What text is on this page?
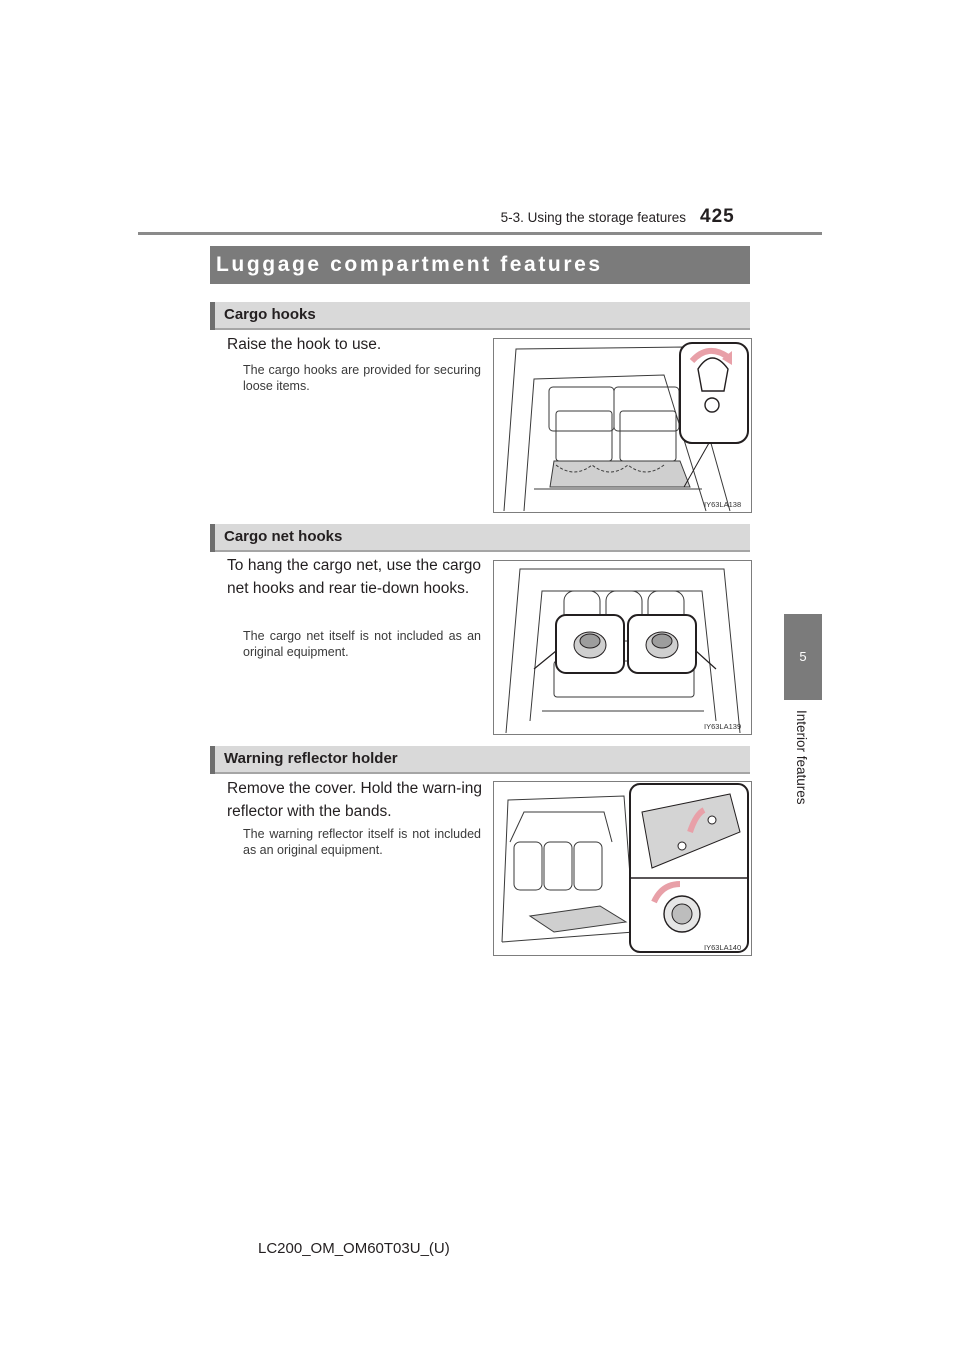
5-3. Using the storage features 425
5
Interior features
Luggage compartment features
Cargo hooks
Raise the hook to use.
The cargo hooks are provided for securing loose items.
IY63LA138
Cargo net hooks
To hang the cargo net, use the cargo net hooks and rear tie-down hooks.
The cargo net itself is not included as an original equipment.
IY63LA139
Warning reflector holder
Remove the cover. Hold the warn-ing reflector with the bands.
The warning reflector itself is not included as an original equipment.
IY63LA140
LC200_OM_OM60T03U_(U)
